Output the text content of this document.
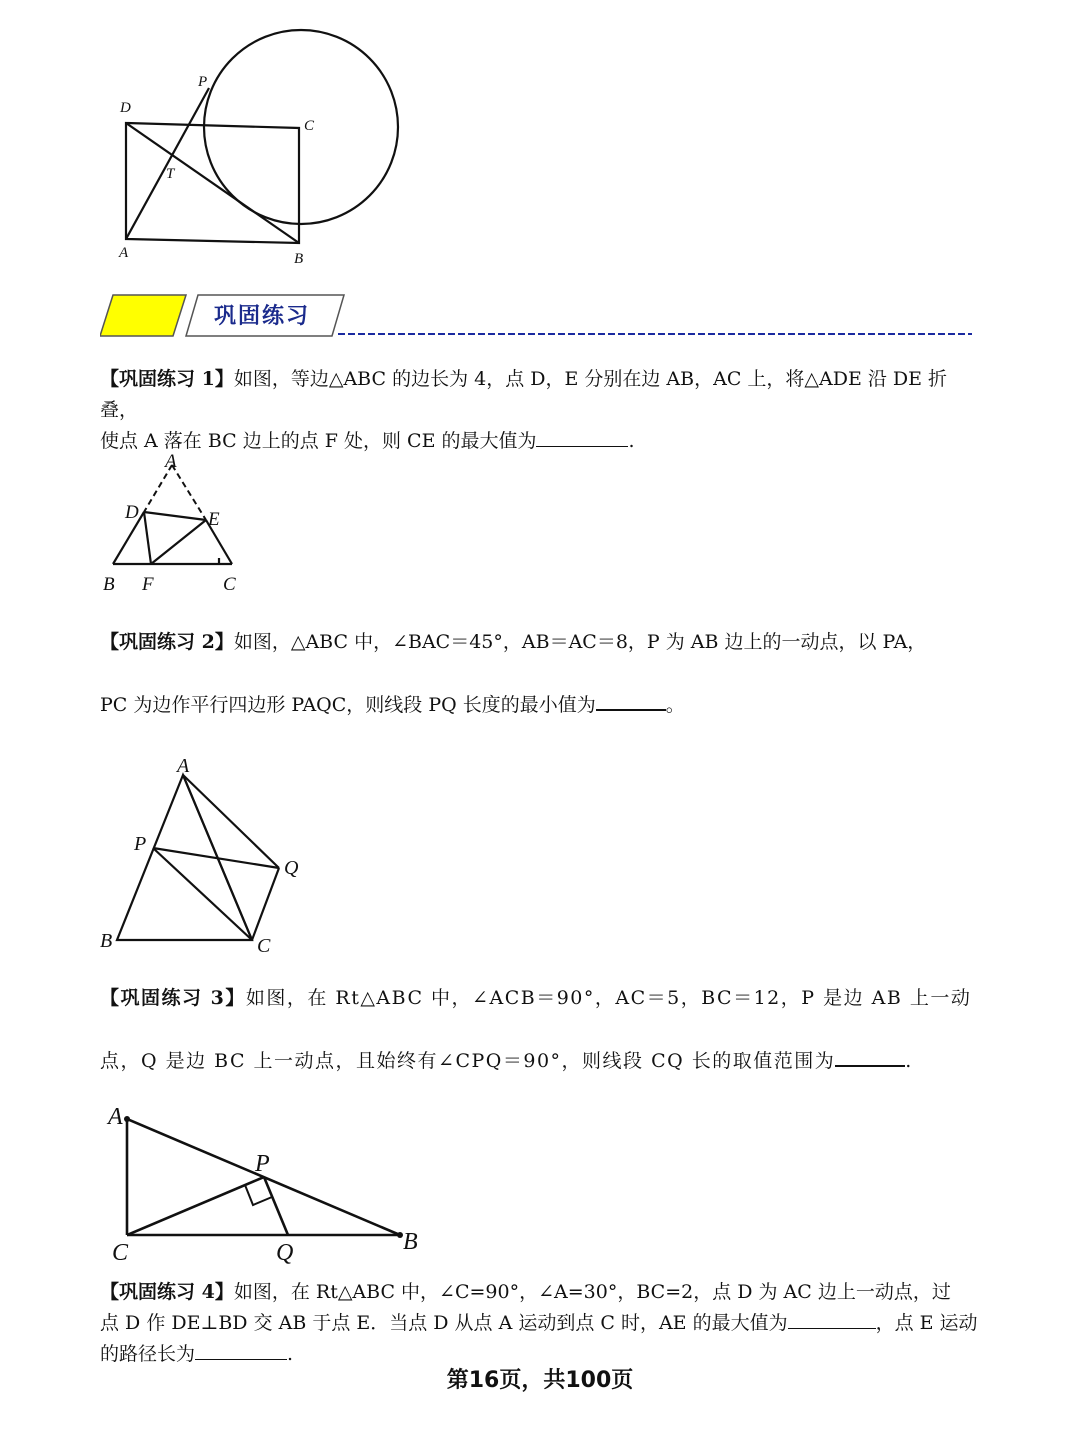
P
D
C
T
A	B
巩固练习
【巩固练习 1】如图，等边△ABC 的边长为 4，点 D，E 分别在边 AB，AC 上，将△ADE 沿 DE 折叠，
使点 A 落在 BC 边上的点 F 处，则 CE 的最大值为	.
A
D	E
B F	C
【巩固练习 2】如图，△ABC 中，∠BAC＝45°，AB＝AC＝8，P 为 AB 边上的一动点，以 PA，
PC 为边作平行四边形 PAQC，则线段 PQ 长度的最小值为	。
A
P
Q
B	C
【巩固练习 3】如图，在 Rt△ABC 中，∠ACB＝90°，AC＝5，BC＝12，P 是边 AB 上一动
点，Q 是边 BC 上一动点，且始终有∠CPQ＝90°，则线段 CQ 长的取值范围为	.
A
P
C	Q	B
【巩固练习 4】如图，在 Rt△ABC 中，∠C=90°，∠A=30°，BC=2，点 D 为 AC 边上一动点，过
点 D 作 DE⊥BD 交 AB 于点 E．当点 D 从点 A 运动到点 C 时，AE 的最大值为	，点 E 运动
的路径长为	.
第16页，共100页
